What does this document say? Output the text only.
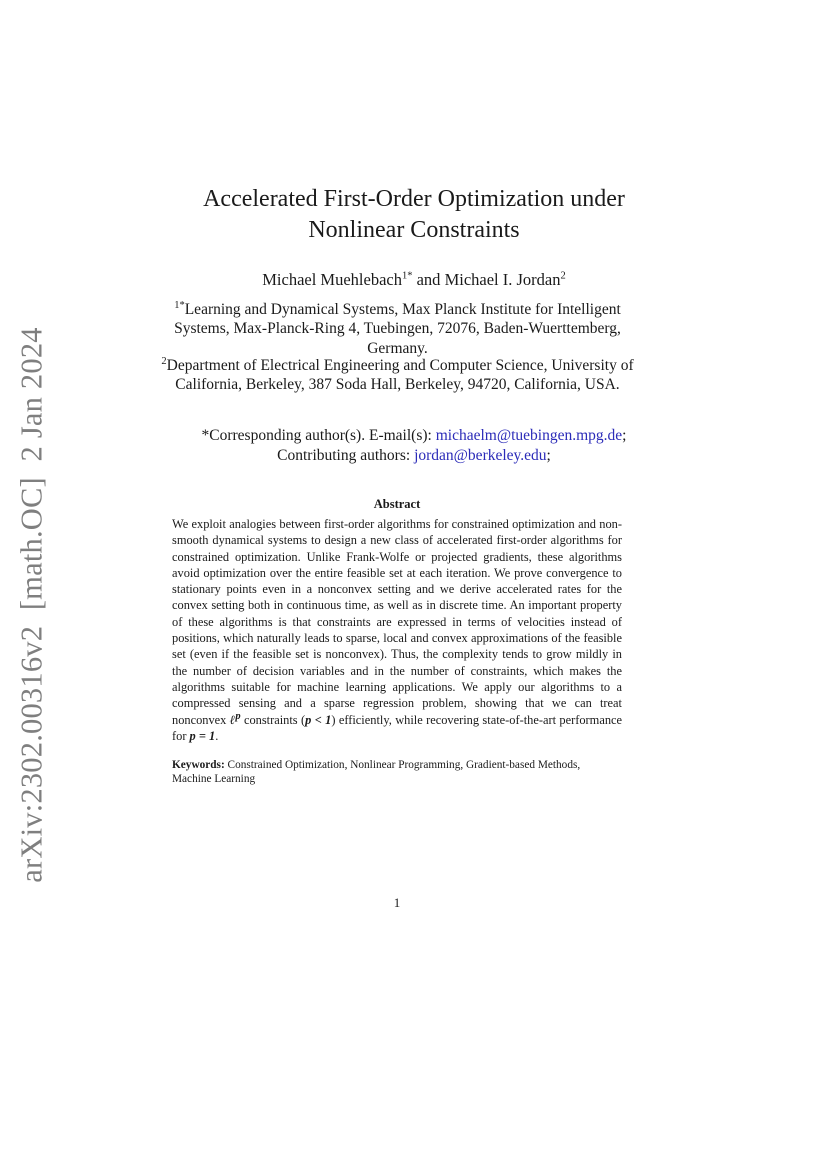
arXiv:2302.00316v2  [math.OC]  2 Jan 2024
Accelerated First-Order Optimization under
Nonlinear Constraints
Michael Muehlebach$^{1*}$ and Michael I. Jordan$^2$
$^{1*}$Learning and Dynamical Systems, Max Planck Institute for Intelligent Systems, Max-Planck-Ring 4, Tuebingen, 72076, Baden-Wuerttemberg, Germany.
$^2$Department of Electrical Engineering and Computer Science, University of California, Berkeley, 387 Soda Hall, Berkeley, 94720, California, USA.
*Corresponding author(s). E-mail(s): michaelm@tuebingen.mpg.de;
Contributing authors: jordan@berkeley.edu;
Abstract
We exploit analogies between first-order algorithms for constrained optimization and non-smooth dynamical systems to design a new class of accelerated first-order algorithms for constrained optimization. Unlike Frank-Wolfe or projected gradients, these algorithms avoid optimization over the entire feasible set at each iteration. We prove convergence to stationary points even in a nonconvex setting and we derive accelerated rates for the convex setting both in continuous time, as well as in discrete time. An important property of these algorithms is that constraints are expressed in terms of velocities instead of positions, which naturally leads to sparse, local and convex approximations of the feasible set (even if the feasible set is nonconvex). Thus, the complexity tends to grow mildly in the number of decision variables and in the number of constraints, which makes the algorithms suitable for machine learning applications. We apply our algorithms to a compressed sensing and a sparse regression problem, showing that we can treat nonconvex ℓ$^p$ constraints (p < 1) efficiently, while recovering state-of-the-art performance for p = 1.
Keywords: Constrained Optimization, Nonlinear Programming, Gradient-based Methods, Machine Learning
1
